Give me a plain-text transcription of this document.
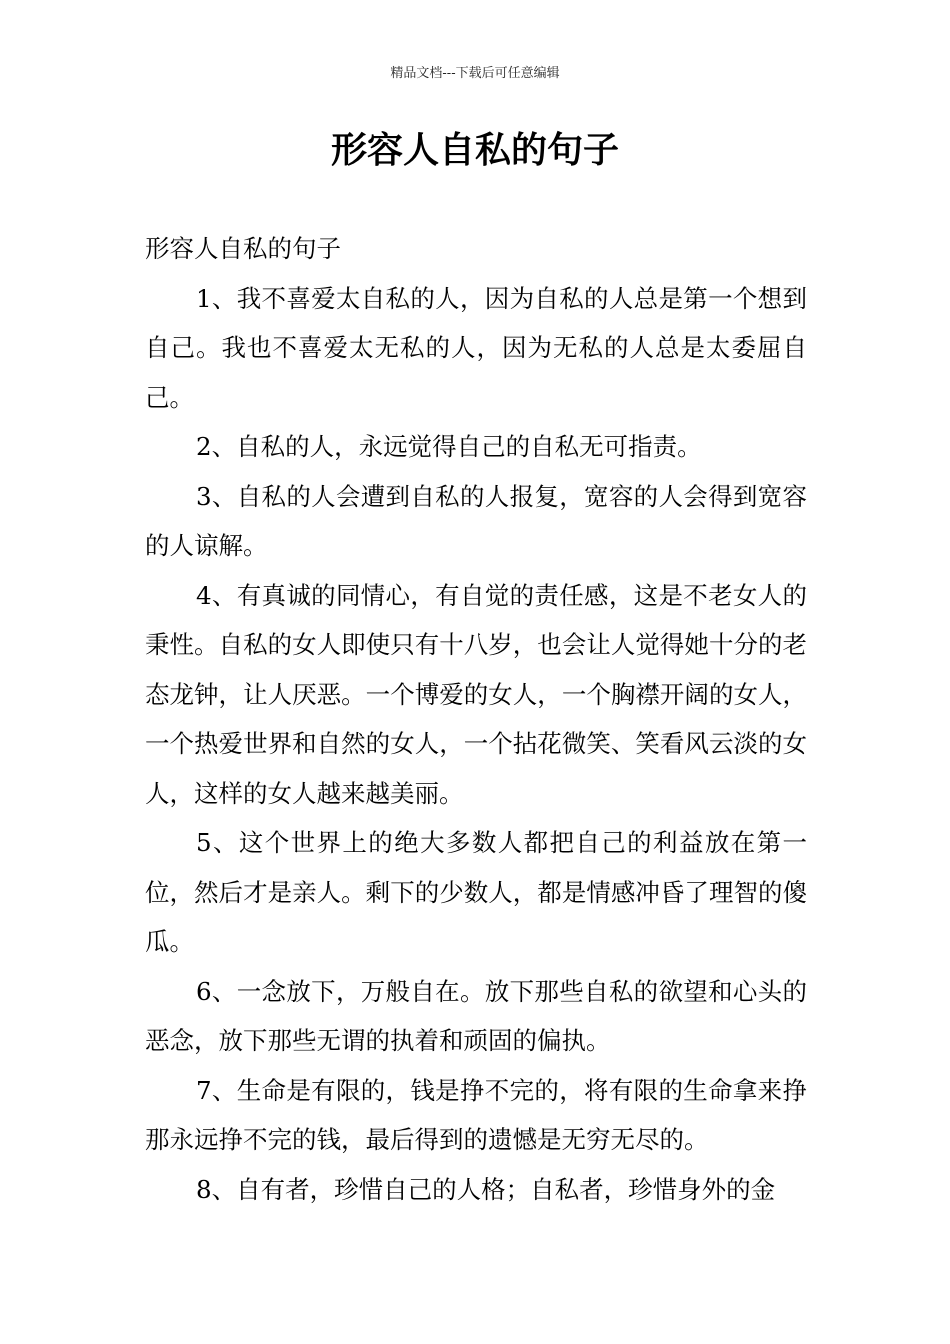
精品文档---下载后可任意编辑
形容人自私的句子

形容人自私的句子

1、我不喜爱太自私的人，因为自私的人总是第一个想到自己。我也不喜爱太无私的人，因为无私的人总是太委屈自己。

2、自私的人，永远觉得自己的自私无可指责。

3、自私的人会遭到自私的人报复，宽容的人会得到宽容的人谅解。

4、有真诚的同情心，有自觉的责任感，这是不老女人的秉性。自私的女人即使只有十八岁，也会让人觉得她十分的老态龙钟，让人厌恶。一个博爱的女人，一个胸襟开阔的女人，一个热爱世界和自然的女人，一个拈花微笑、笑看风云淡的女人，这样的女人越来越美丽。

5、这个世界上的绝大多数人都把自己的利益放在第一位，然后才是亲人。剩下的少数人，都是情感冲昏了理智的傻瓜。

6、一念放下，万般自在。放下那些自私的欲望和心头的恶念，放下那些无谓的执着和顽固的偏执。

7、生命是有限的，钱是挣不完的，将有限的生命拿来挣那永远挣不完的钱，最后得到的遗憾是无穷无尽的。

8、自有者，珍惜自己的人格；自私者，珍惜身外的金
